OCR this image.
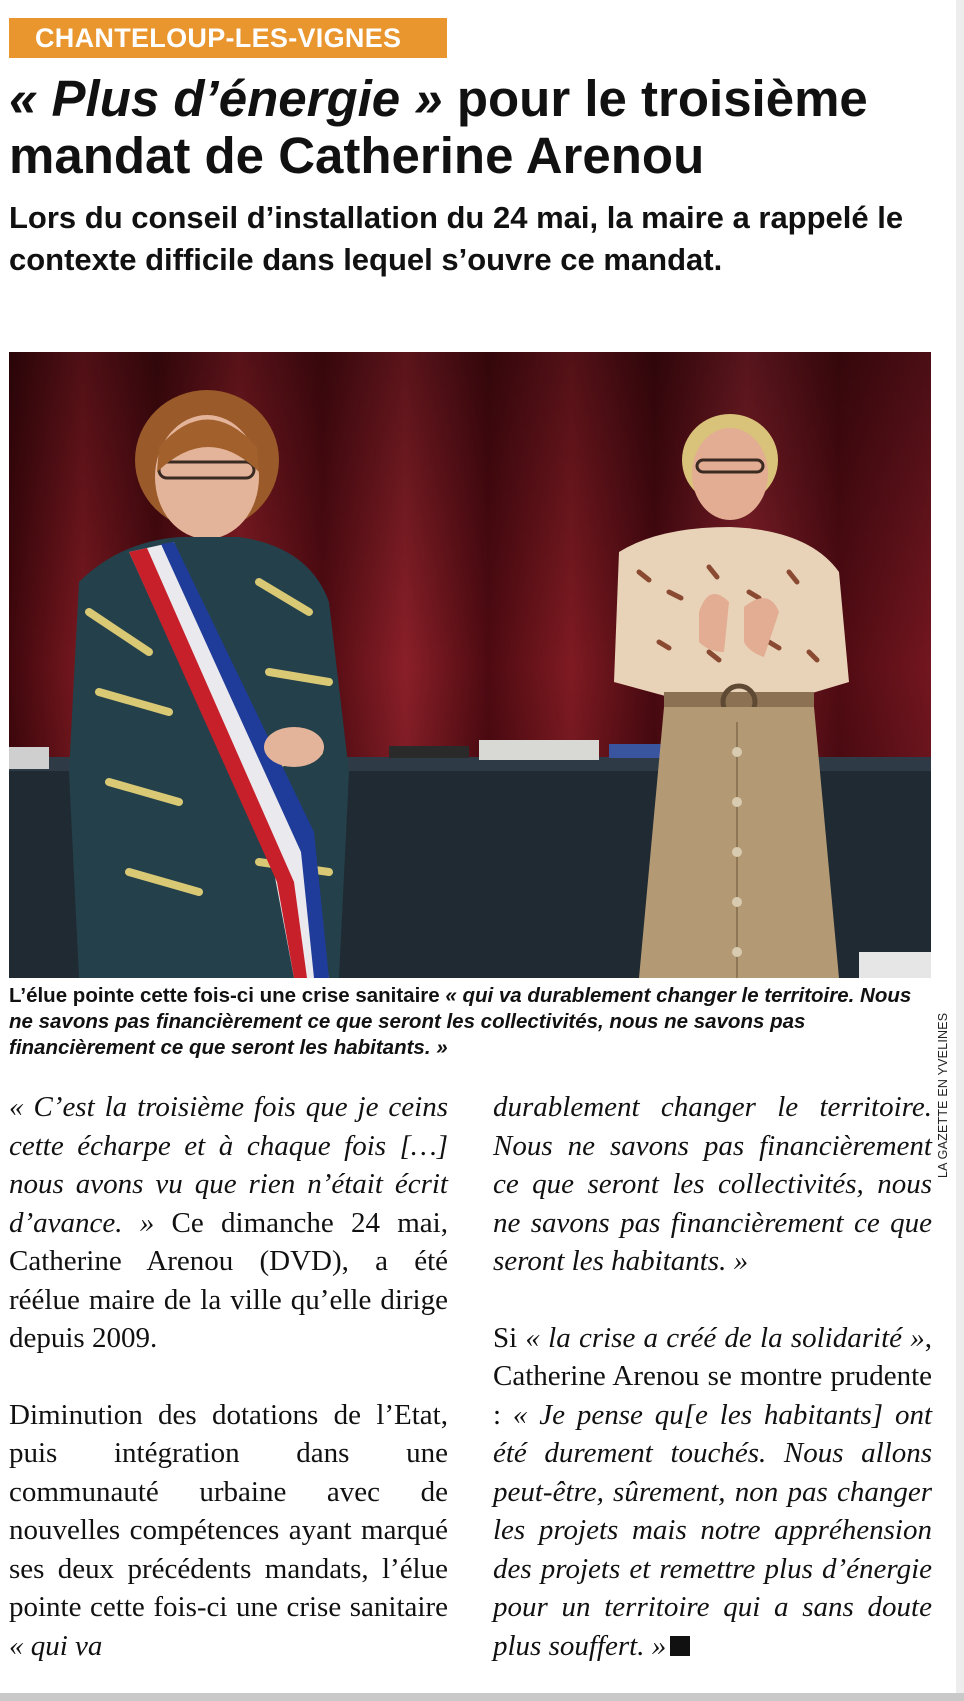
CHANTELOUP-LES-VIGNES
« Plus d’énergie » pour le troisième mandat de Catherine Arenou
Lors du conseil d’installation du 24 mai, la maire a rappelé le contexte difficile dans lequel s’ouvre ce mandat.
LA GAZETTE EN YVELINES
L’élue pointe cette fois-ci une crise sanitaire « qui va durablement changer le territoire. Nous ne savons pas financièrement ce que seront les collectivités, nous ne savons pas financièrement ce que seront les habitants. »

« C’est la troisième fois que je ceins cette écharpe et à chaque fois […] nous avons vu que rien n’était écrit d’avance. » Ce dimanche 24 mai, Catherine Arenou (DVD), a été réélue maire de la ville qu’elle dirige depuis 2009.

Diminution des dotations de l’Etat, puis intégration dans une communauté urbaine avec de nouvelles compétences ayant marqué ses deux précédents mandats, l’élue pointe cette fois-ci une crise sanitaire « qui va

durablement changer le territoire. Nous ne savons pas financièrement ce que seront les collectivités, nous ne savons pas financièrement ce que seront les habitants. »

Si « la crise a créé de la solidarité », Catherine Arenou se montre prudente : « Je pense qu[e les habitants] ont été durement touchés. Nous allons peut-être, sûrement, non pas changer les projets mais notre appréhension des projets et remettre plus d’énergie pour un territoire qui a sans doute plus souffert. »
